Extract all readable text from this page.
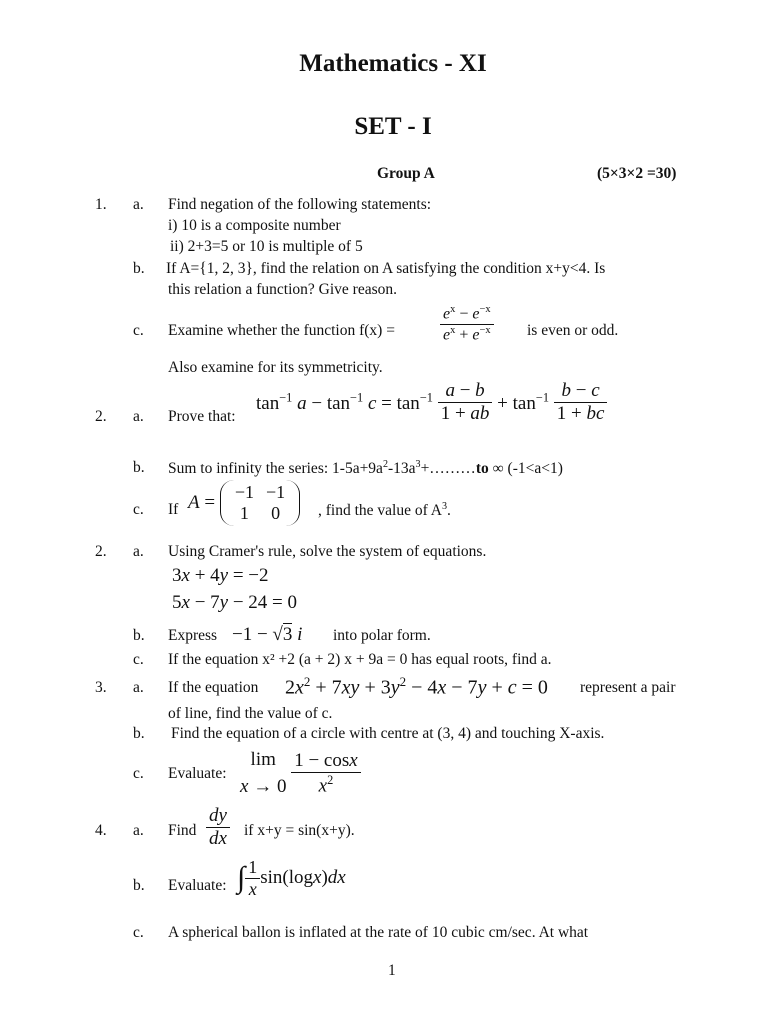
Mathematics - XI
SET - I
Group A	(5×3×2 =30)
1. a. Find negation of the following statements:
i) 10 is a composite number
ii) 2+3=5 or 10 is multiple of 5
b. If A={1, 2, 3}, find the relation on A satisfying the condition x+y<4. Is
this relation a function? Give reason.
c. Examine whether the function f(x) =	$\frac{e^x - e^{-x}}{e^x + e^{-x}}$ is even or odd.
Also examine for its symmetricity.
2. a. Prove that:
$\tan^{-1} a - \tan^{-1} c = \tan^{-1} \frac{a - b}{1 + ab} + \tan^{-1} \frac{b - c}{1 + bc}$
b. Sum to infinity the series: $1-5a+9a^2-13a^3+\dots\dots\dots to$ ∞ (-1<a<1)
c. If A = −1	−1
1	0 , find the value of $A^3$.
2. a. Using Cramer's rule, solve the system of equations.
3x + 4y = −2
5x − 7y − 24 = 0
b. Express −1 − √3 i into polar form.
c. If the equation x² +2 (a + 2) x + 9a = 0 has equal roots, find a.
3. a. If the equation $2x^2 + 7xy + 3y^2 - 4x - 7y + c = 0$ represent a pair
of line, find the value of c.
b. Find the equation of a circle with centre at (3, 4) and touching X-axis.
c. Evaluate:
lim
$x \to 0 \frac{1 - \cos x}{x^2}$
4. a. Find $\frac{dy}{dx}$ if x+y = sin(x+y).
b. Evaluate: ∫ $\frac{1}{x} \sin(\log x)dx$
c. A spherical ballon is inflated at the rate of 10 cubic cm/sec. At what
1
